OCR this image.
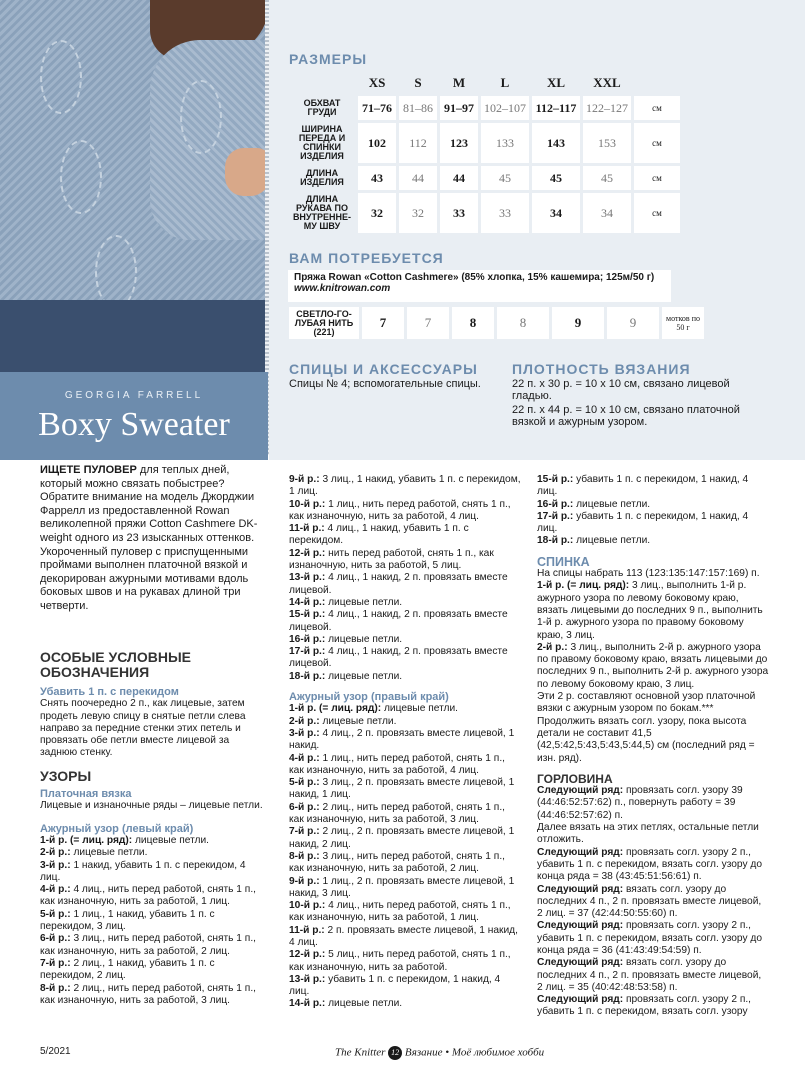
GEORGIA FARRELL
Boxy Sweater
РАЗМЕРЫ
	XS	S	M	L	XL	XXL	
ОБХВАТ ГРУДИ	71–76	81–86	91–97	102–107	112–117	122–127	см
ШИРИНА ПЕРЕДА И СПИНКИ ИЗДЕЛИЯ	102	112	123	133	143	153	см
ДЛИНА ИЗДЕЛИЯ	43	44	44	45	45	45	см
ДЛИНА РУКАВА ПО ВНУТРЕННЕ-МУ ШВУ	32	32	33	33	34	34	см
ВАМ ПОТРЕБУЕТСЯ
Пряжа Rowan «Cotton Cashmere» (85% хлопка, 15% кашемира; 125м/50 г)
www.knitrowan.com
СВЕТЛО-ГО-ЛУБАЯ НИТЬ (221)	7	7	8	8	9	9	мотков по 50 г
СПИЦЫ И АКСЕССУАРЫ
Спицы № 4; вспомогательные спицы.
ПЛОТНОСТЬ ВЯЗАНИЯ
22 п. х 30 р. = 10 х 10 см, связано лицевой гладью.
22 п. х 44 р. = 10 х 10 см, связано платочной вязкой и ажурным узором.
ИЩЕТЕ ПУЛОВЕР для теплых дней, который можно связать побыстрее? Обратите внимание на модель Джорджии Фаррелл из предоставленной Rowan великолепной пряжи Cotton Cashmere DK-weight одного из 23 изысканных оттенков. Укороченный пуловер с приспущенными проймами выполнен платочной вязкой и декорирован ажурными мотивами вдоль боковых швов и на рукавах длиной три четверти.
ОСОБЫЕ УСЛОВНЫЕ ОБОЗНАЧЕНИЯ
Убавить 1 п. с перекидом

Снять поочередно 2 п., как лицевые, затем продеть левую спицу в снятые петли слева направо за передние стенки этих петель и провязать обе петли вместе лицевой за заднюю стенку.

УЗОРЫ
Платочная вязка

Лицевые и изнаночные ряды – лицевые петли.

Ажурный узор (левый край)

1-й р. (= лиц. ряд): лицевые петли.

2-й р.: лицевые петли.

3-й р.: 1 накид, убавить 1 п. с перекидом, 4 лиц.

4-й р.: 4 лиц., нить перед работой, снять 1 п., как изнаночную, нить за работой, 1 лиц.

5-й р.: 1 лиц., 1 накид, убавить 1 п. с перекидом, 3 лиц.

6-й р.: 3 лиц., нить перед работой, снять 1 п., как изнаночную, нить за работой, 2 лиц.

7-й р.: 2 лиц., 1 накид, убавить 1 п. с перекидом, 2 лиц.

8-й р.: 2 лиц., нить перед работой, снять 1 п., как изнаночную, нить за работой, 3 лиц.

9-й р.: 3 лиц., 1 накид, убавить 1 п. с перекидом, 1 лиц.

10-й р.: 1 лиц., нить перед работой, снять 1 п., как изнаночную, нить за работой, 4 лиц.

11-й р.: 4 лиц., 1 накид, убавить 1 п. с перекидом.

12-й р.: нить перед работой, снять 1 п., как изнаночную, нить за работой, 5 лиц.

13-й р.: 4 лиц., 1 накид, 2 п. провязать вместе лицевой.

14-й р.: лицевые петли.

15-й р.: 4 лиц., 1 накид, 2 п. провязать вместе лицевой.

16-й р.: лицевые петли.

17-й р.: 4 лиц., 1 накид, 2 п. провязать вместе лицевой.

18-й р.: лицевые петли.

Ажурный узор (правый край)

1-й р. (= лиц. ряд): лицевые петли.

2-й р.: лицевые петли.

3-й р.: 4 лиц., 2 п. провязать вместе лицевой, 1 накид.

4-й р.: 1 лиц., нить перед работой, снять 1 п., как изнаночную, нить за работой, 4 лиц.

5-й р.: 3 лиц., 2 п. провязать вместе лицевой, 1 накид, 1 лиц.

6-й р.: 2 лиц., нить перед работой, снять 1 п., как изнаночную, нить за работой, 3 лиц.

7-й р.: 2 лиц., 2 п. провязать вместе лицевой, 1 накид, 2 лиц.

8-й р.: 3 лиц., нить перед работой, снять 1 п., как изнаночную, нить за работой, 2 лиц.

9-й р.: 1 лиц., 2 п. провязать вместе лицевой, 1 накид, 3 лиц.

10-й р.: 4 лиц., нить перед работой, снять 1 п., как изнаночную, нить за работой, 1 лиц.

11-й р.: 2 п. провязать вместе лицевой, 1 накид, 4 лиц.

12-й р.: 5 лиц., нить перед работой, снять 1 п., как изнаночную, нить за работой.

13-й р.: убавить 1 п. с перекидом, 1 накид, 4 лиц.

14-й р.: лицевые петли.

15-й р.: убавить 1 п. с перекидом, 1 накид, 4 лиц.

16-й р.: лицевые петли.

17-й р.: убавить 1 п. с перекидом, 1 накид, 4 лиц.

18-й р.: лицевые петли.

СПИНКА

На спицы набрать 113 (123:135:147:157:169) п.

1-й р. (= лиц. ряд): 3 лиц., выполнить 1-й р. ажурного узора по левому боковому краю, вязать лицевыми до последних 9 п., выполнить 1-й р. ажурного узора по правому боковому краю, 3 лиц.

2-й р.: 3 лиц., выполнить 2-й р. ажурного узора по правому боковому краю, вязать лицевыми до последних 9 п., выполнить 2-й р. ажурного узора по левому боковому краю, 3 лиц.

Эти 2 р. составляют основной узор платочной вязки с ажурным узором по бокам.***

Продолжить вязать согл. узору, пока высота детали не составит 41,5 (42,5:42,5:43,5:43,5:44,5) см (последний ряд = изн. ряд).

ГОРЛОВИНА

Следующий ряд: провязать согл. узору 39 (44:46:52:57:62) п., повернуть работу = 39 (44:46:52:57:62) п.

Далее вязать на этих петлях, остальные петли отложить.

Следующий ряд: провязать согл. узору 2 п., убавить 1 п. с перекидом, вязать согл. узору до конца ряда = 38 (43:45:51:56:61) п.

Следующий ряд: вязать согл. узору до последних 4 п., 2 п. провязать вместе лицевой, 2 лиц. = 37 (42:44:50:55:60) п.

Следующий ряд: провязать согл. узору 2 п., убавить 1 п. с перекидом, вязать согл. узору до конца ряда = 36 (41:43:49:54:59) п.

Следующий ряд: вязать согл. узору до последних 4 п., 2 п. провязать вместе лицевой, 2 лиц. = 35 (40:42:48:53:58) п.

Следующий ряд: провязать согл. узору 2 п., убавить 1 п. с перекидом, вязать согл. узору

5/2021	The Knitter 12 Вязание • Моё любимое хобби
